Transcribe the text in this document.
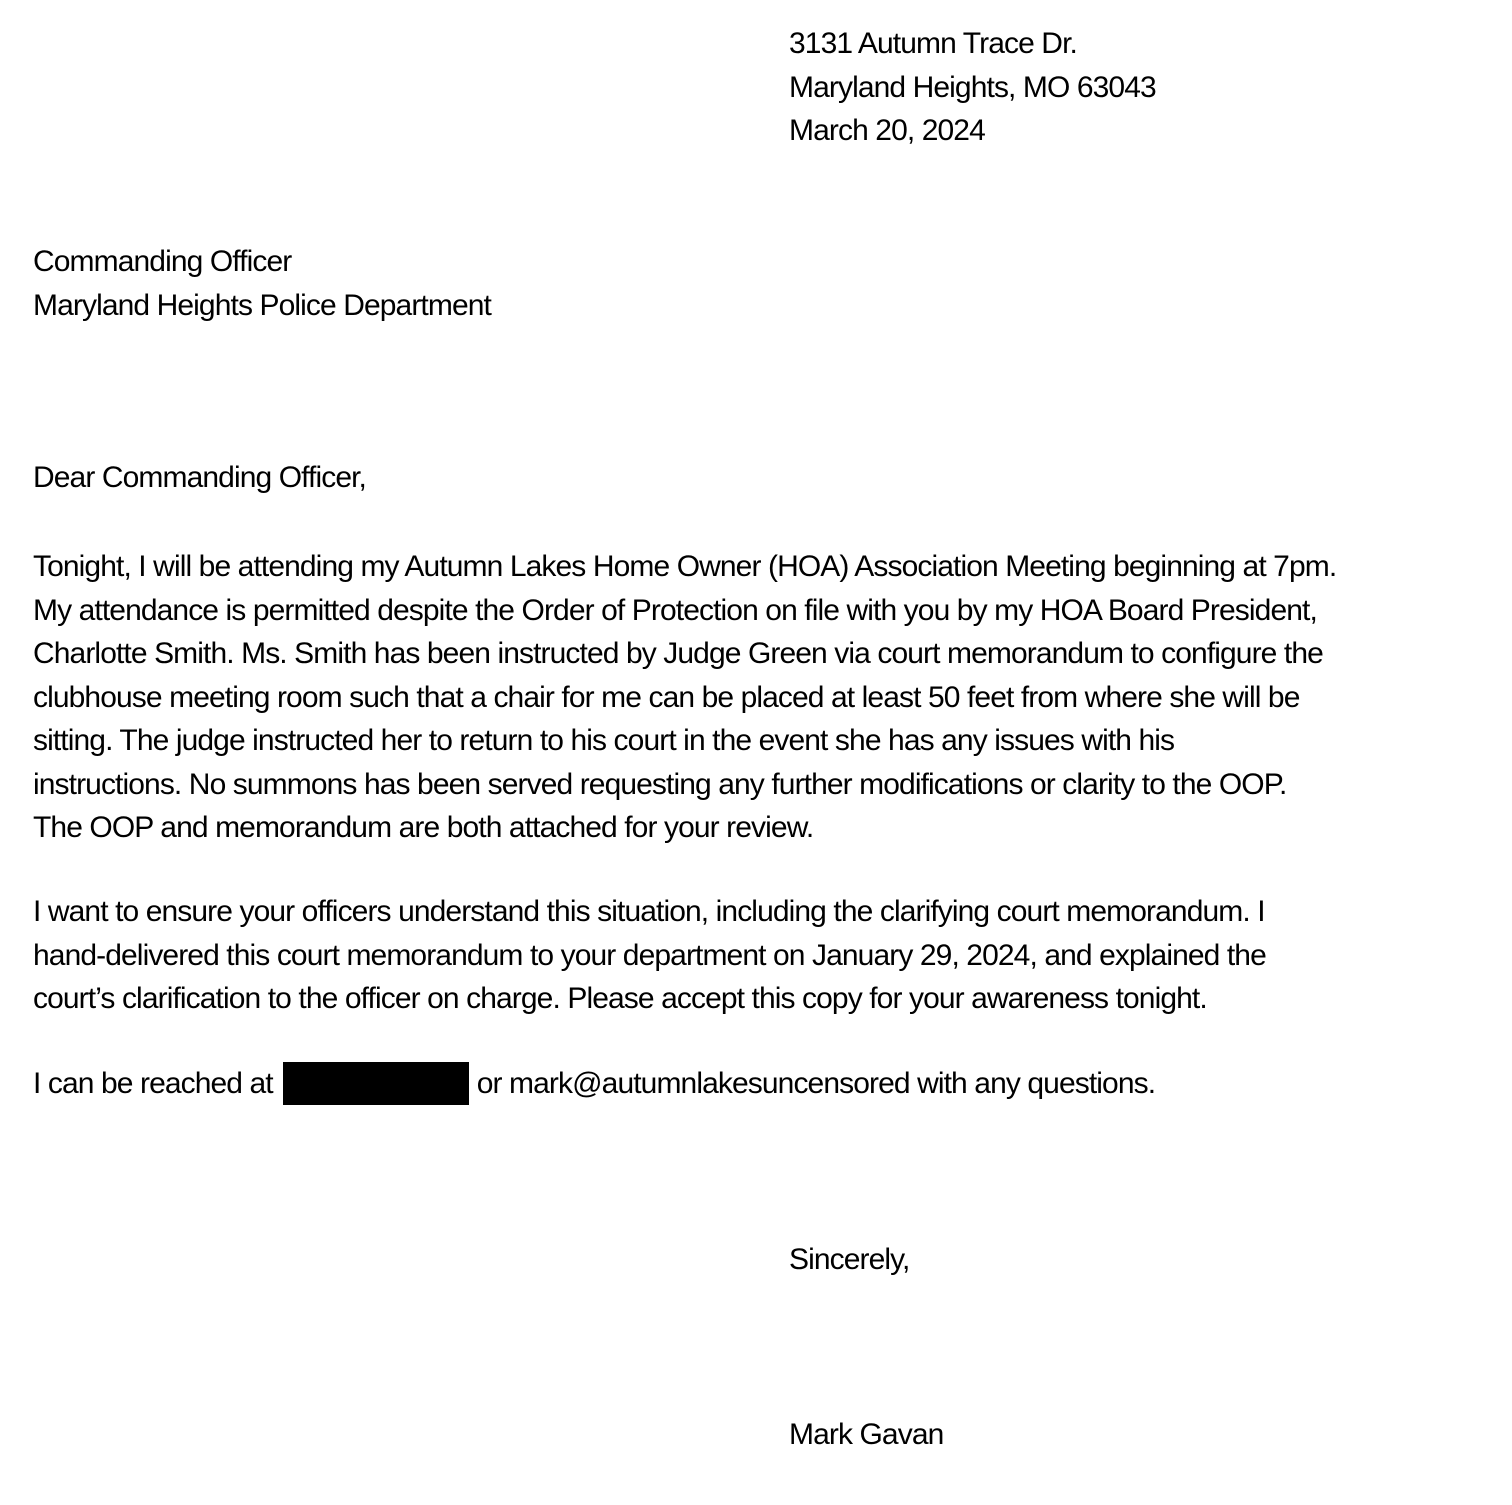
3131 Autumn Trace Dr.
Maryland Heights, MO 63043
March 20, 2024
Commanding Officer
Maryland Heights Police Department
Dear Commanding Officer,
Tonight, I will be attending my Autumn Lakes Home Owner (HOA) Association Meeting beginning at 7pm.
My attendance is permitted despite the Order of Protection on file with you by my HOA Board President,
Charlotte Smith. Ms. Smith has been instructed by Judge Green via court memorandum to configure the
clubhouse meeting room such that a chair for me can be placed at least 50 feet from where she will be
sitting. The judge instructed her to return to his court in the event she has any issues with his
instructions. No summons has been served requesting any further modifications or clarity to the OOP.
The OOP and memorandum are both attached for your review.
I want to ensure your officers understand this situation, including the clarifying court memorandum. I
hand-delivered this court memorandum to your department on January 29, 2024, and explained the
court’s clarification to the officer on charge. Please accept this copy for your awareness tonight.
I can be reached at	or mark@autumnlakesuncensored with any questions.
Sincerely,
Mark Gavan
